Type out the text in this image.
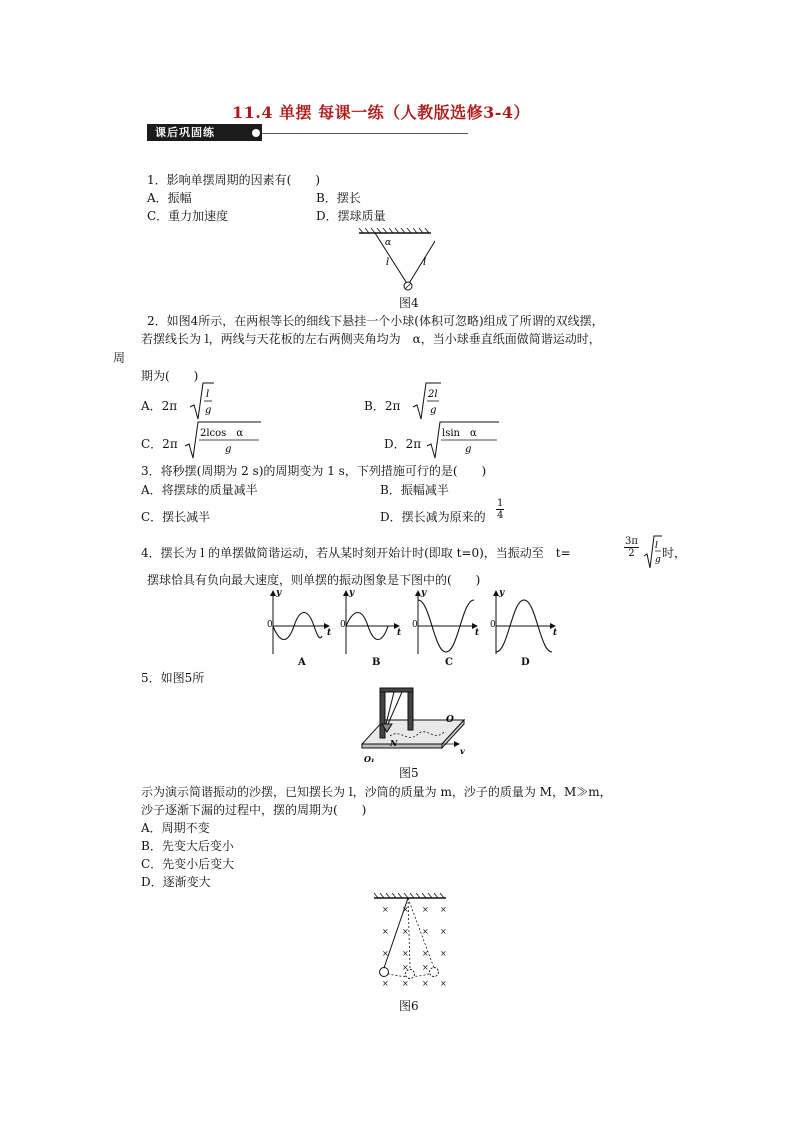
11.4 单摆 每课一练（人教版选修3-4）
课后巩固练
1．影响单摆周期的因素有(　　)
A．振幅	B．摆长
C．重力加速度	D．摆球质量
α
l	l
图4
2．如图4所示，在两根等长的细线下悬挂一个小球(体积可忽略)组成了所谓的双线摆，
若摆线长为 l，两线与天花板的左右两侧夹角均为　α，当小球垂直纸面做简谐运动时，
周
期为(　　)
A．2π
l
g	B．2π
2l
g
C．2π
2lcos　α
g	D．2π
lsin　α
g
3．将秒摆(周期为 2 s)的周期变为 1 s，下列措施可行的是(　　)
A．将摆球的质量减半	B．振幅减半
C．摆长减半	D．摆长减为原来的 $\frac{1}{4}$
4．摆长为 l 的单摆做简谐运动，若从某时刻开始计时(即取 t=0)，当振动至　t=	$\frac{3\pi}{2}$ l
g 时，
摆球恰具有负向最大速度，则单摆的振动图象是下图中的(　　)
y
0
t
A
y
0
t
B
y
0
t
C
y
0
t
D
5．如图5所
O
O₁
N
v
图5
示为演示简谐振动的沙摆，已知摆长为 l，沙筒的质量为 m，沙子的质量为 M，M≫m，
沙子逐渐下漏的过程中，摆的周期为(　　)
A．周期不变
B．先变大后变小
C．先变小后变大
D．逐渐变大
× × × ×
× × × ×
× × × ×
× ×
× × × ×
图6
